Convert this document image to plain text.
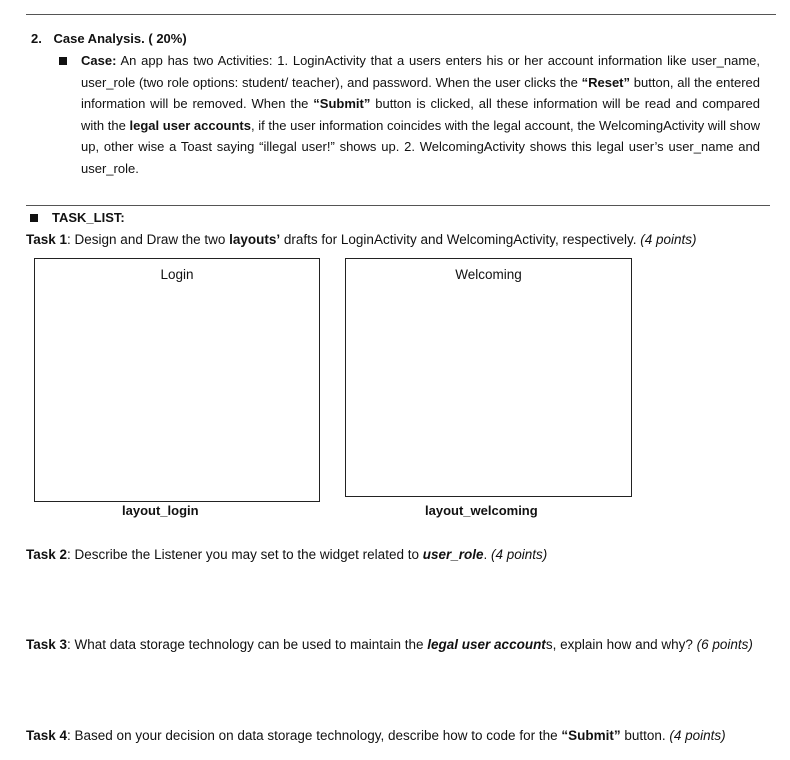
2. Case Analysis. ( 20%)
Case: An app has two Activities: 1. LoginActivity that a users enters his or her account information like user_name, user_role (two role options: student/ teacher), and password. When the user clicks the “Reset” button, all the entered information will be removed. When the “Submit” button is clicked, all these information will be read and compared with the legal user accounts, if the user information coincides with the legal account, the WelcomingActivity will show up, other wise a Toast saying “illegal user!” shows up. 2. WelcomingActivity shows this legal user’s user_name and user_role.
TASK_LIST:
Task 1: Design and Draw the two layouts’ drafts for LoginActivity and WelcomingActivity, respectively. (4 points)
Login	Welcoming
layout_login	layout_welcoming
Task 2: Describe the Listener you may set to the widget related to user_role. (4 points)
Task 3: What data storage technology can be used to maintain the legal user accounts, explain how and why? (6 points)
Task 4: Based on your decision on data storage technology, describe how to code for the “Submit” button. (4 points)
